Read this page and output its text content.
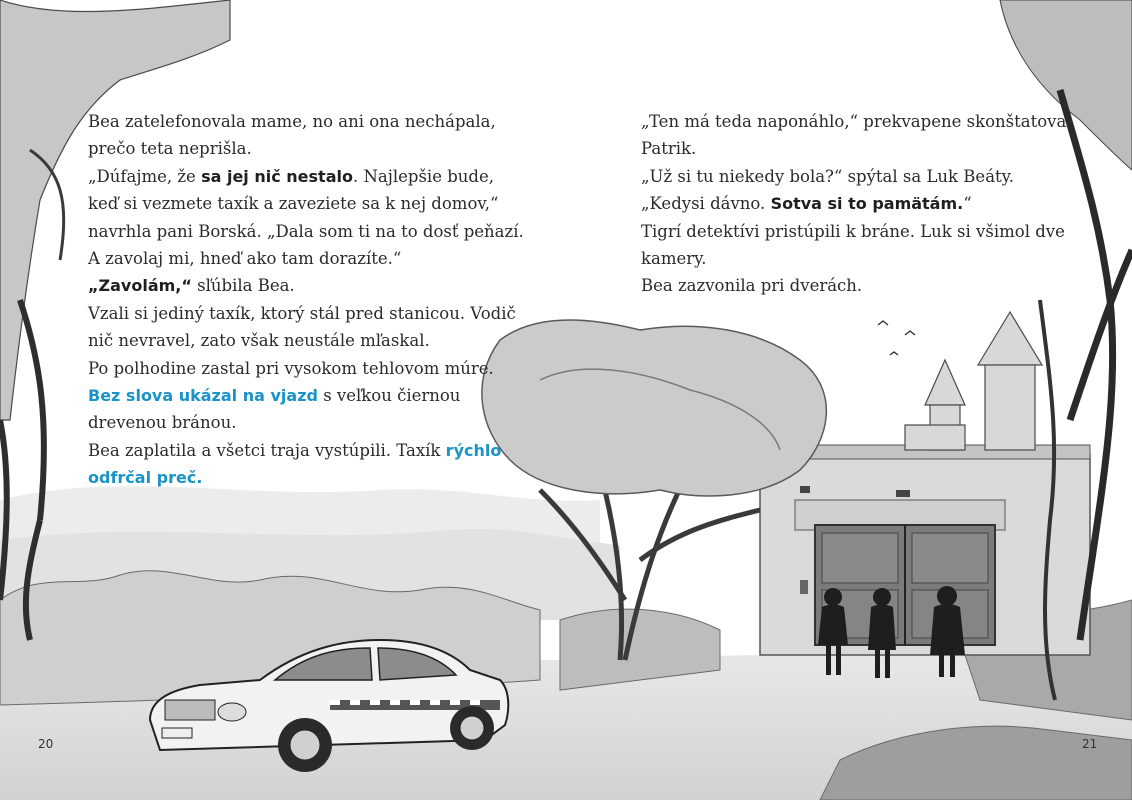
Bea zatelefonovala mame, no ani ona nechápala,

prečo teta neprišla.

„Dúfajme, že sa jej nič nestalo. Najlepšie bude,

keď si vezmete taxík a zaveziete sa k nej domov,“

navrhla pani Borská. „Dala som ti na to dosť peňazí.

A zavolaj mi, hneď ako tam dorazíte.“

„Zavolám,“ sľúbila Bea.

Vzali si jediný taxík, ktorý stál pred stanicou. Vodič

nič nevravel, zato však neustále mľaskal.

Po polhodine zastal pri vysokom tehlovom múre.

Bez slova ukázal na vjazd s veľkou čiernou

drevenou bránou.

Bea zaplatila a všetci traja vystúpili. Taxík rýchlo

odfrčal preč.

„Ten má teda naponáhlo,“ prekvapene skonštatoval

Patrik.

„Už si tu niekedy bola?“ spýtal sa Luk Beáty.

„Kedysi dávno. Sotva si to pamätám.“

Tigrí detektívi pristúpili k bráne. Luk si všimol dve

kamery.

Bea zazvonila pri dverách.

20	21
